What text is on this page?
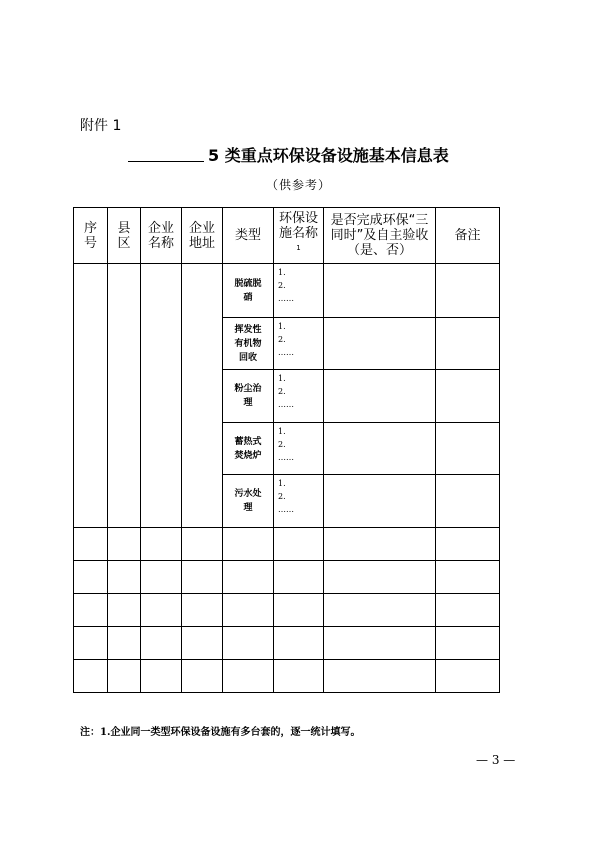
附件 1
5 类重点环保设备设施基本信息表
（供参考）
序号	县区	企业名称	企业地址	类型	环保设施名称$^1$	是否完成环保“三同时”及自主验收（是、否）	备注

				脱硫脱硝	1.
2.
……		

				挥发性有机物回收	1.
2.
……		

				粉尘治理	1.
2.
……		

				蓄热式焚烧炉	1.
2.
……		

				污水处理	1.
2.
……		

注：1.企业同一类型环保设备设施有多台套的，逐一统计填写。
— 3 —
